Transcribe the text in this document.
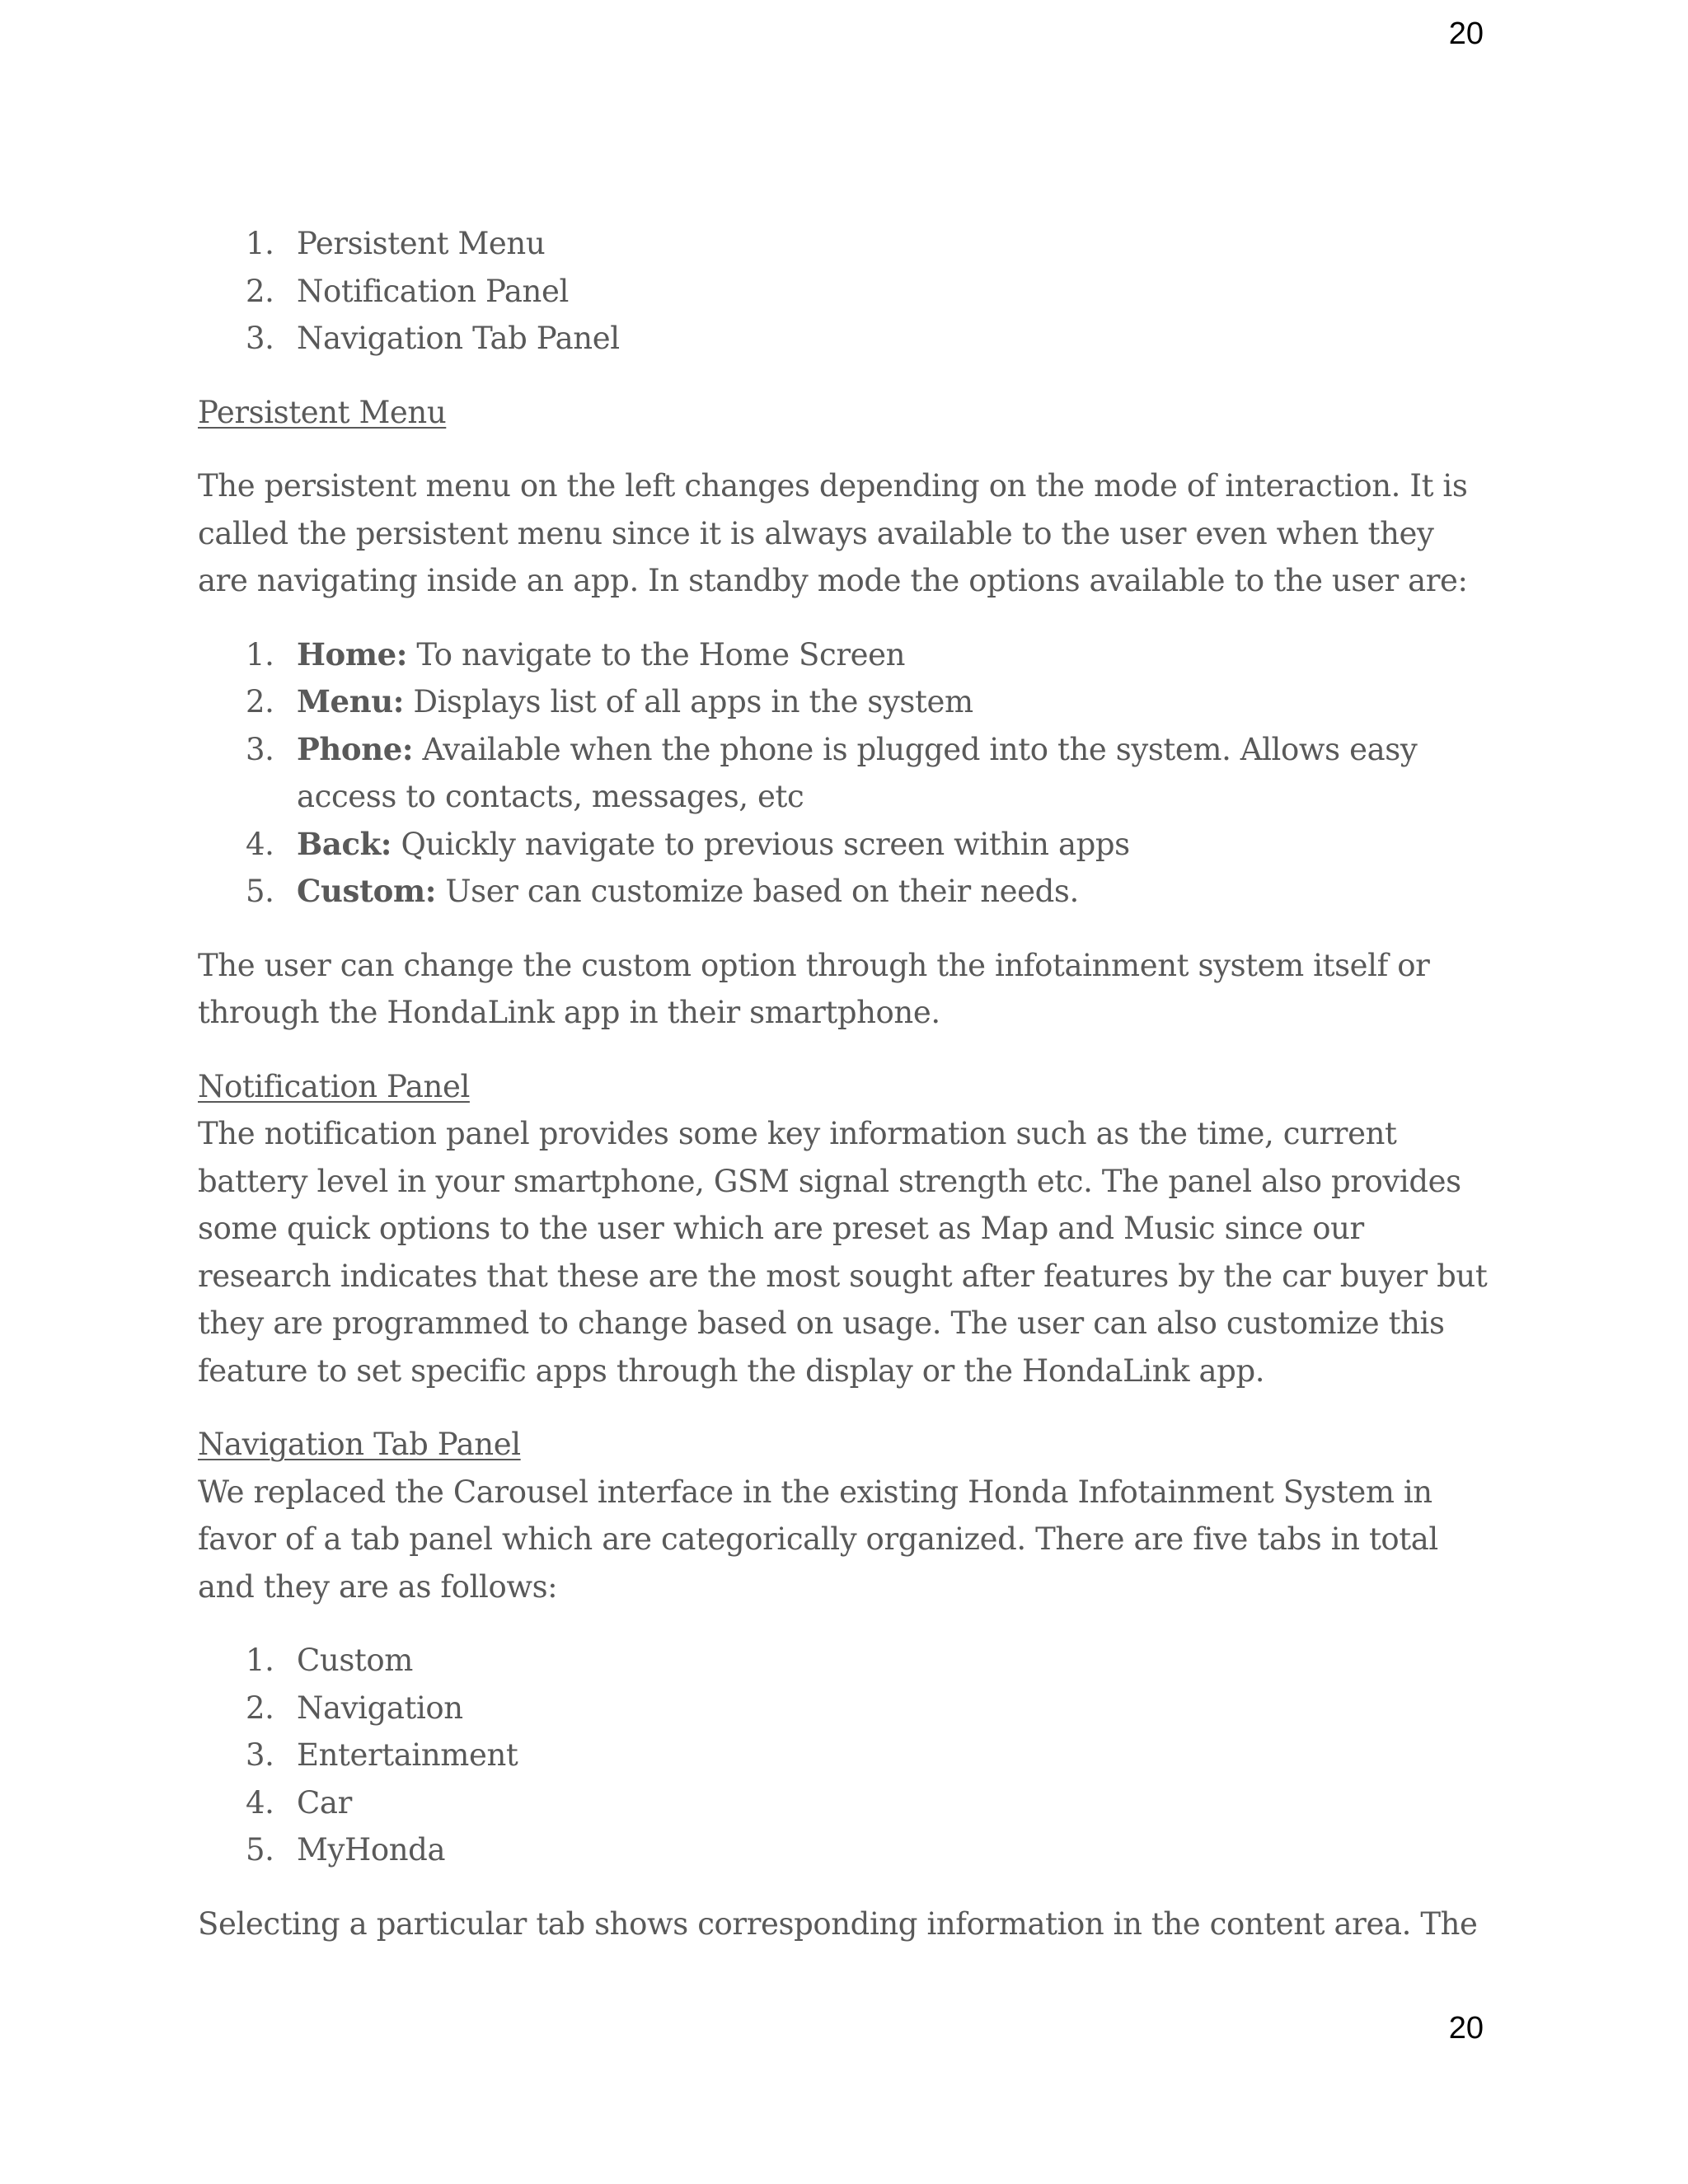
20
1. Persistent Menu
2. Notification Panel
3. Navigation Tab Panel

Persistent Menu

The persistent menu on the left changes depending on the mode of interaction. It is called the persistent menu since it is always available to the user even when they are navigating inside an app. In standby mode the options available to the user are:

1. Home: To navigate to the Home Screen
2. Menu: Displays list of all apps in the system
3. Phone: Available when the phone is plugged into the system. Allows easy access to contacts, messages, etc
4. Back: Quickly navigate to previous screen within apps
5. Custom: User can customize based on their needs.

The user can change the custom option through the infotainment system itself or through the HondaLink app in their smartphone.

Notification Panel

The notification panel provides some key information such as the time, current battery level in your smartphone, GSM signal strength etc. The panel also provides some quick options to the user which are preset as Map and Music since our research indicates that these are the most sought after features by the car buyer but they are programmed to change based on usage. The user can also customize this feature to set specific apps through the display or the HondaLink app.

Navigation Tab Panel

We replaced the Carousel interface in the existing Honda Infotainment System in favor of a tab panel which are categorically organized. There are five tabs in total and they are as follows:

1. Custom
2. Navigation
3. Entertainment
4. Car
5. MyHonda

Selecting a particular tab shows corresponding information in the content area. The

20
